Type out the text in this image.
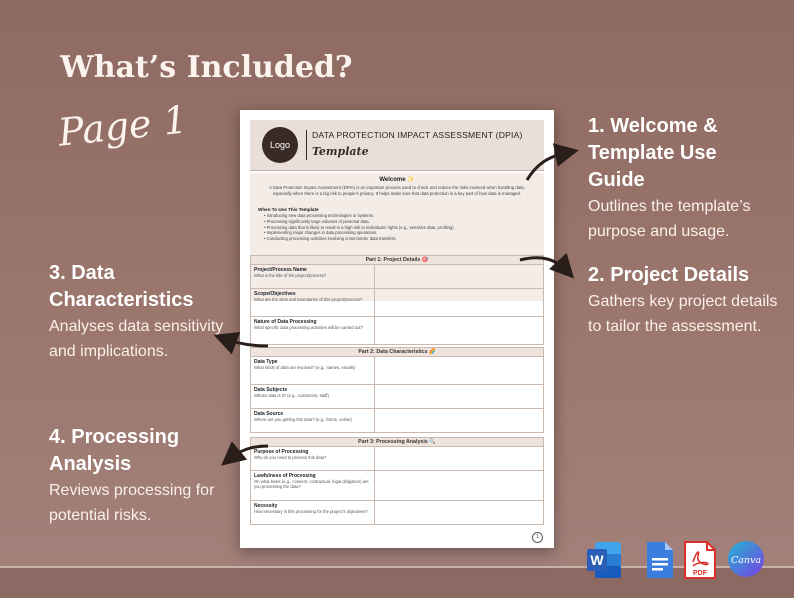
What’s Included?
Page 1	1. Welcome & Template Use Guide
Outlines the template’s purpose and usage.
2. Project Details
Gathers key project details to tailor the assessment.
3. Data Characteristics
Analyses data sensitivity and implications.
4. Processing Analysis
Reviews processing for potential risks.
Logo
DATA PROTECTION IMPACT ASSESSMENT (DPIA)
Template
Welcome ✨
A Data Protection Impact Assessment (DPIA) is an important process used to check and reduce the risks involved when handling data, especially when there is a big risk to people’s privacy. It helps make sure that data protection is a key part of how data is managed.
When To Use This Template
• Introducing new data processing technologies or systems.
• Processing significantly large volumes of personal data.
• Processing data that is likely to result in a high risk to individuals’ rights (e.g., sensitive data, profiling).
• Implementing major changes in data processing operations.
• Conducting processing activities involving cross-border data transfers.
Part 1: Project Details 🎯
Project/Process Name
What is the title of the project/process?
Scope/Objectives
What are the aims and boundaries of this project/process?
Nature of Data Processing
What specific data processing activities will be carried out?
Part 2: Data Characteristics 🌈
Data Type
What kinds of data are involved? (e.g., names, emails)
Data Subjects
Whose data is it? (e.g., customers, staff)
Data Source
Where are you getting this data? (e.g., forms, online)
Part 3: Processing Analysis 🔍
Purpose of Processing
Why do you need to process this data?
Lawfulness of Processing
On what basis (e.g., consent, contractual, legal obligation) are you processing the data?
Necessity
How necessary is this processing for the project’s objectives?
1
W
PDF
Canva
